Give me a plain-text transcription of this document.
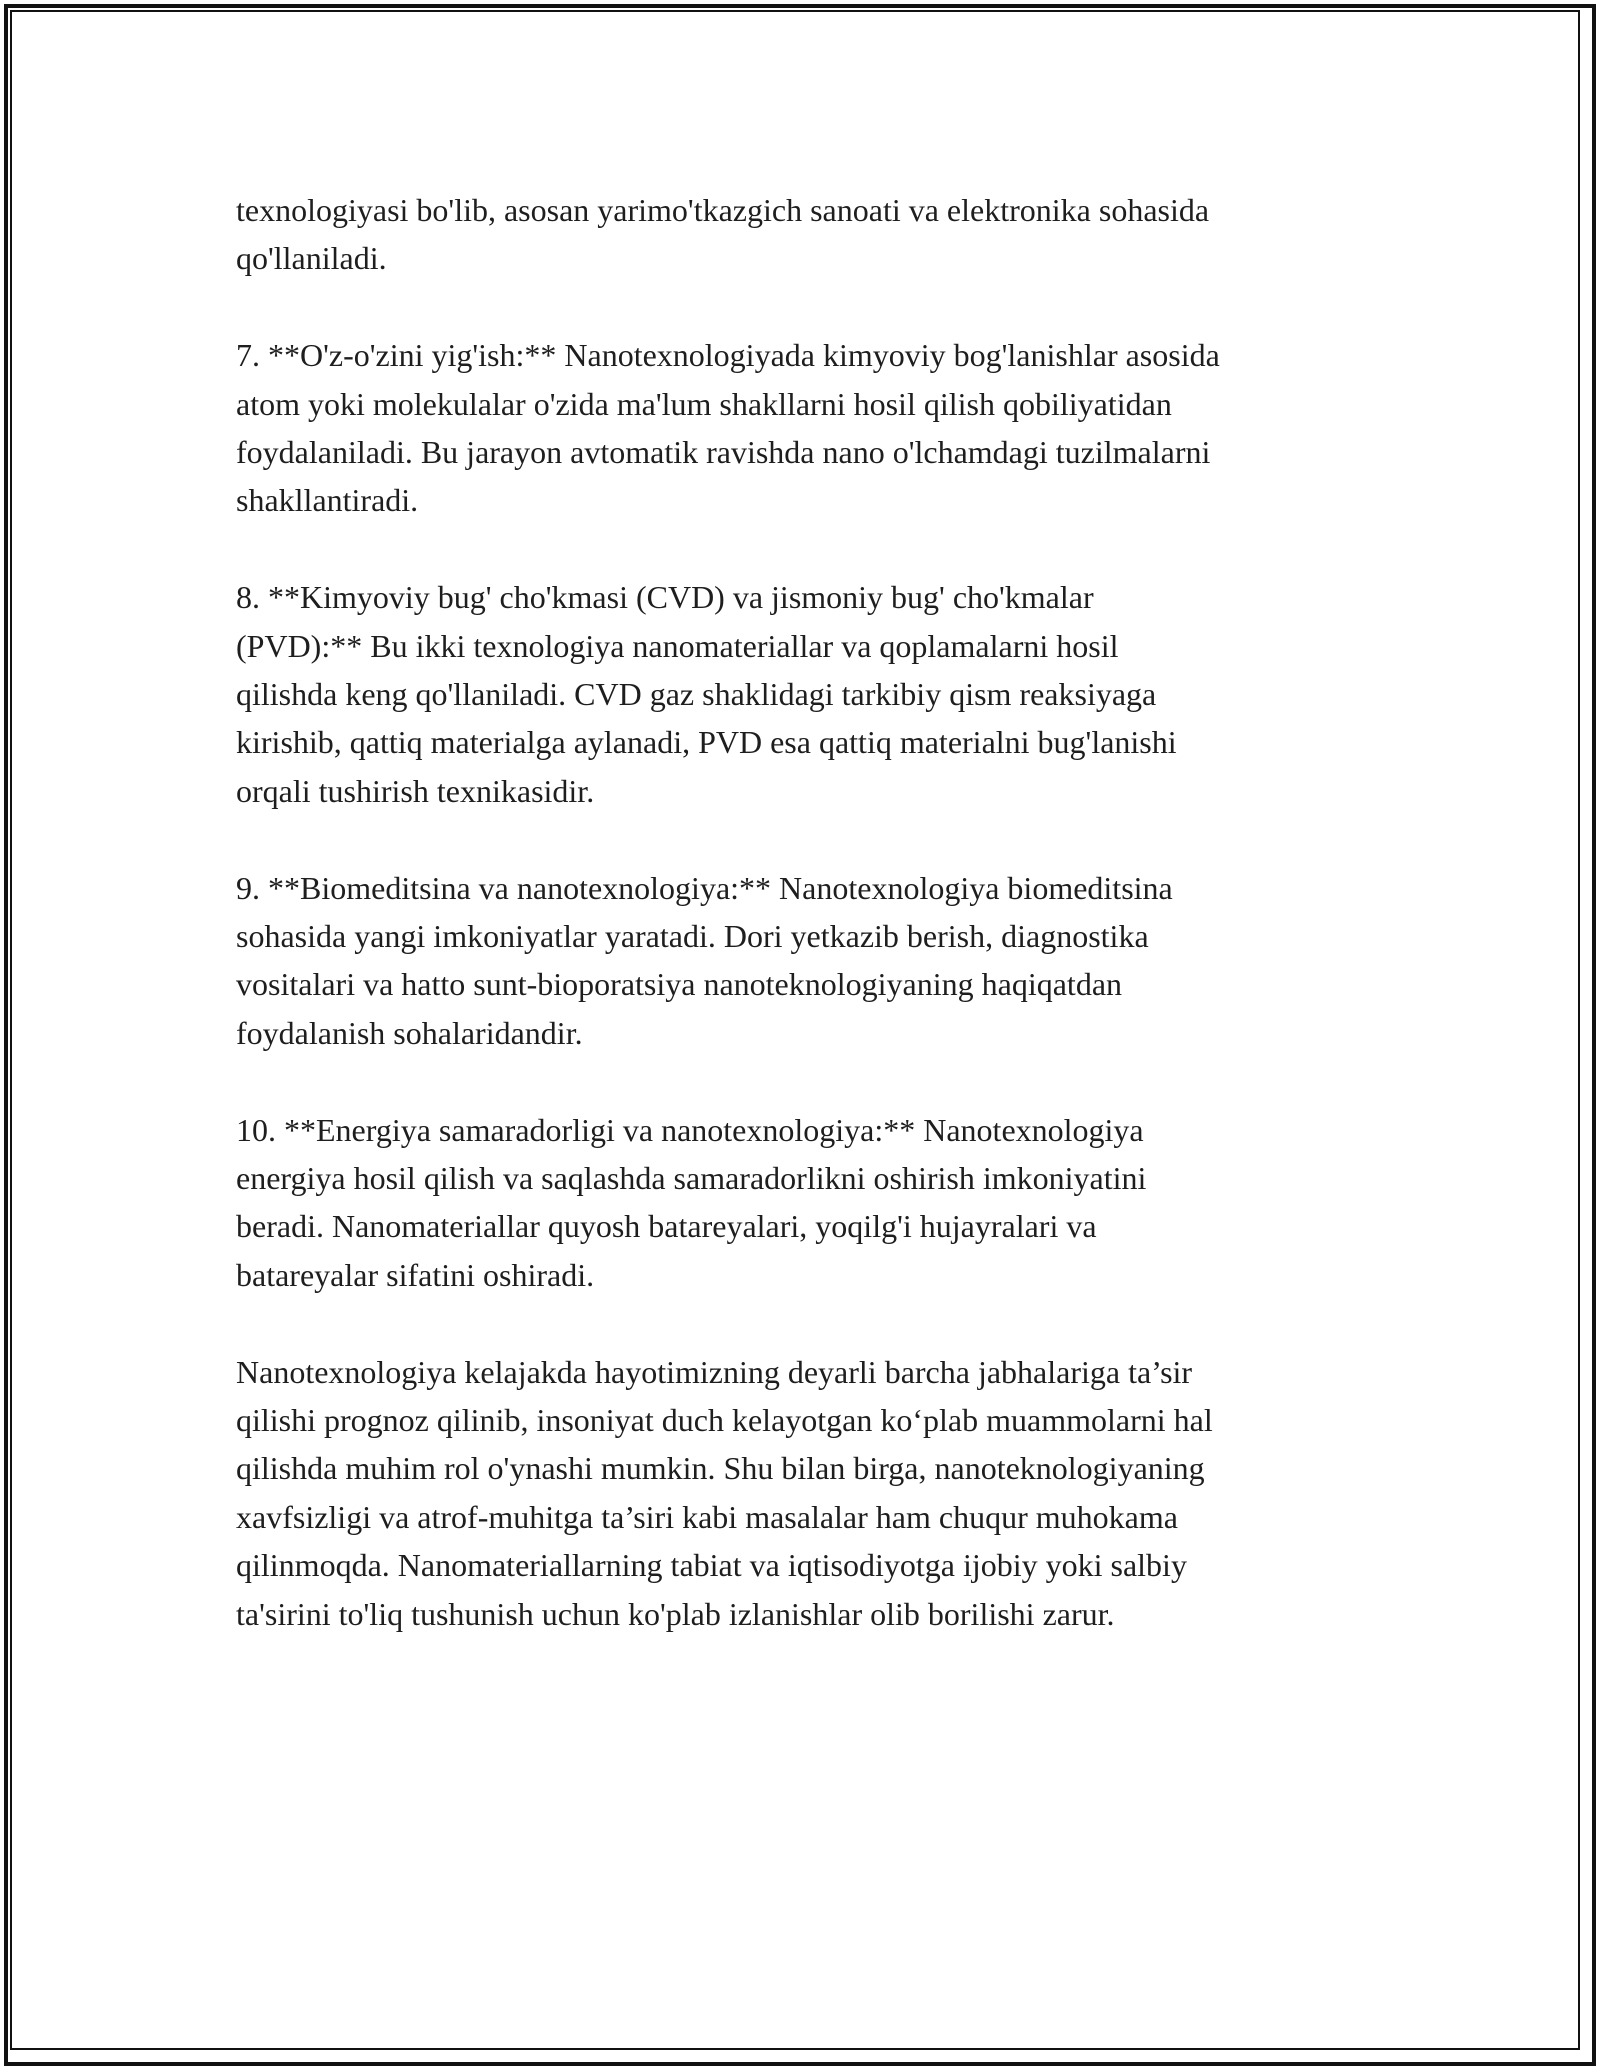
texnologiyasi bo'lib, asosan yarimo'tkazgich sanoati va elektronika sohasida
qo'llaniladi.

7. **O'z-o'zini yig'ish:** Nanotexnologiyada kimyoviy bog'lanishlar asosida
atom yoki molekulalar o'zida ma'lum shakllarni hosil qilish qobiliyatidan
foydalaniladi. Bu jarayon avtomatik ravishda nano o'lchamdagi tuzilmalarni
shakllantiradi.

8. **Kimyoviy bug' cho'kmasi (CVD) va jismoniy bug' cho'kmalar
(PVD):** Bu ikki texnologiya nanomateriallar va qoplamalarni hosil
qilishda keng qo'llaniladi. CVD gaz shaklidagi tarkibiy qism reaksiyaga
kirishib, qattiq materialga aylanadi, PVD esa qattiq materialni bug'lanishi
orqali tushirish texnikasidir.

9. **Biomeditsina va nanotexnologiya:** Nanotexnologiya biomeditsina
sohasida yangi imkoniyatlar yaratadi. Dori yetkazib berish, diagnostika
vositalari va hatto sunt-bioporatsiya nanoteknologiyaning haqiqatdan
foydalanish sohalaridandir.

10. **Energiya samaradorligi va nanotexnologiya:** Nanotexnologiya
energiya hosil qilish va saqlashda samaradorlikni oshirish imkoniyatini
beradi. Nanomateriallar quyosh batareyalari, yoqilg'i hujayralari va
batareyalar sifatini oshiradi.

Nanotexnologiya kelajakda hayotimizning deyarli barcha jabhalariga ta’sir
qilishi prognoz qilinib, insoniyat duch kelayotgan ko‘plab muammolarni hal
qilishda muhim rol o'ynashi mumkin. Shu bilan birga, nanoteknologiyaning
xavfsizligi va atrof-muhitga ta’siri kabi masalalar ham chuqur muhokama
qilinmoqda. Nanomateriallarning tabiat va iqtisodiyotga ijobiy yoki salbiy
ta'sirini to'liq tushunish uchun ko'plab izlanishlar olib borilishi zarur.
